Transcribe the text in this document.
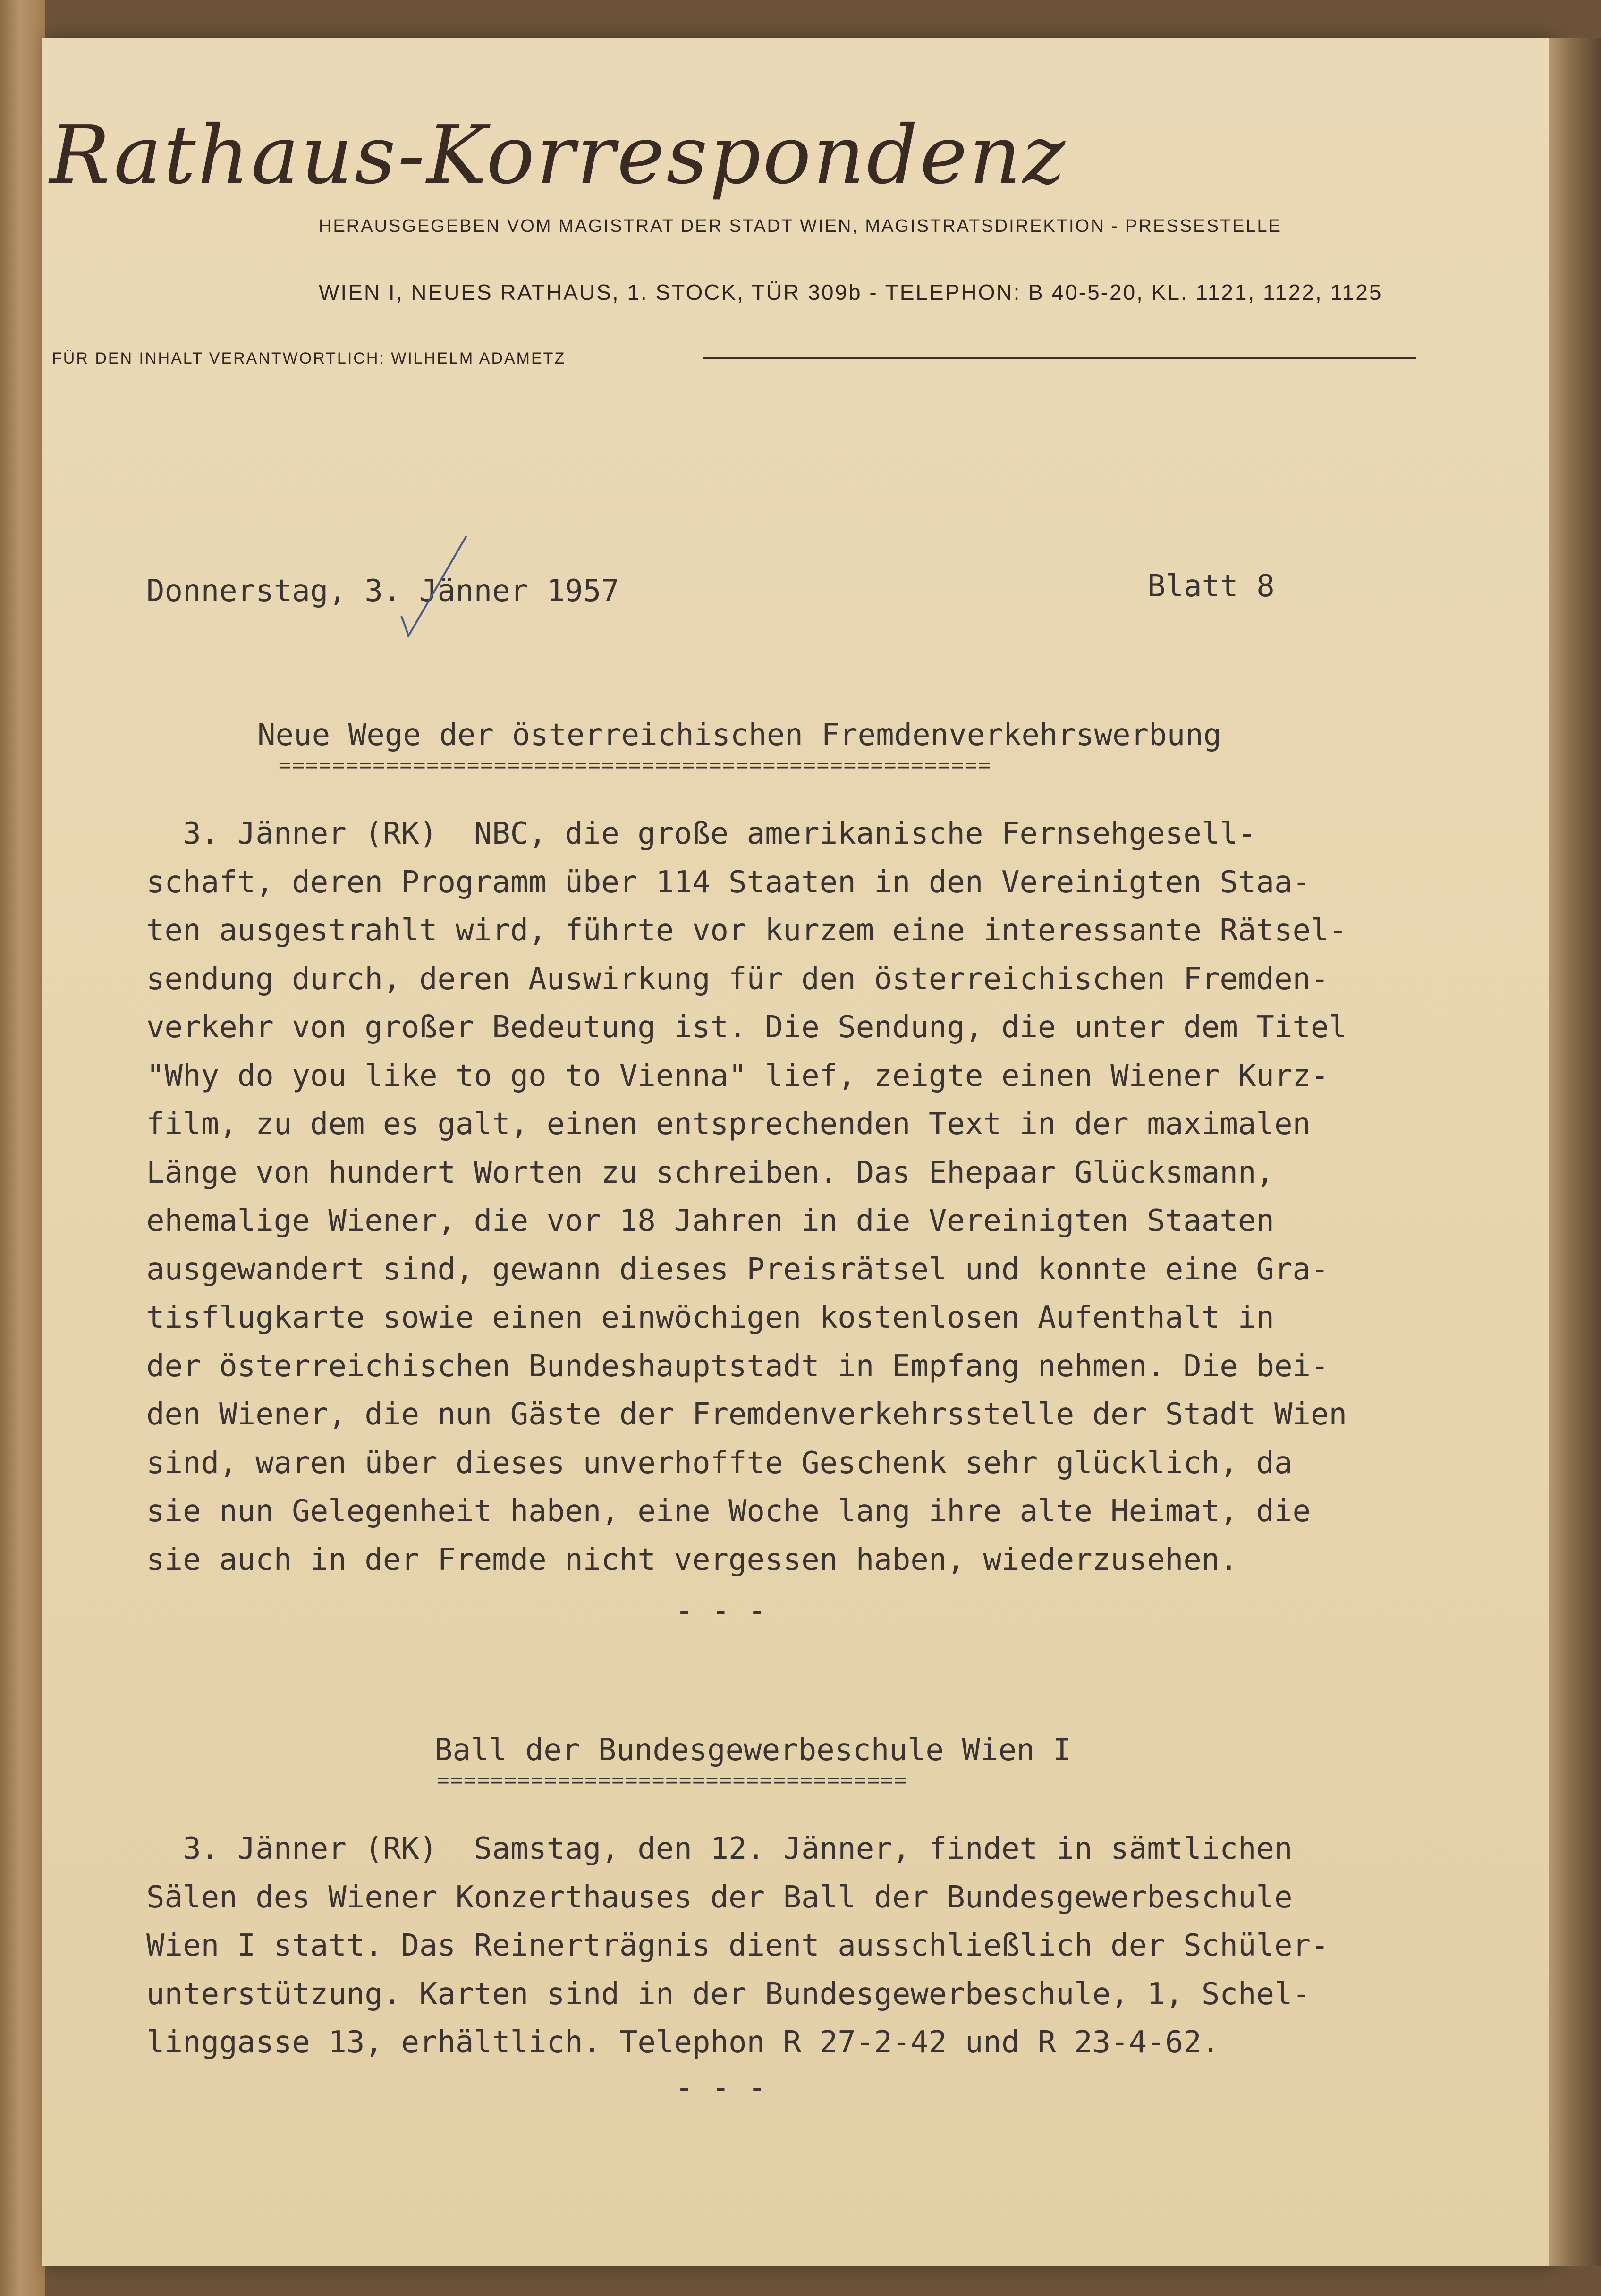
Rathaus-Korrespondenz
HERAUSGEGEBEN VOM MAGISTRAT DER STADT WIEN, MAGISTRATSDIREKTION - PRESSESTELLE
WIEN I, NEUES RATHAUS, 1. STOCK, TÜR 309b - TELEPHON: B 40-5-20, KL. 1121, 1122, 1125
FÜR DEN INHALT VERANTWORTLICH: WILHELM ADAMETZ
Donnerstag, 3. Jänner 1957	Blatt 8
Neue Wege der österreichischen Fremdenverkehrswerbung
=====================================================
3. Jänner (RK)  NBC, die große amerikanische Fernsehgesell-
schaft, deren Programm über 114 Staaten in den Vereinigten Staa-
ten ausgestrahlt wird, führte vor kurzem eine interessante Rätsel-
sendung durch, deren Auswirkung für den österreichischen Fremden-
verkehr von großer Bedeutung ist. Die Sendung, die unter dem Titel
"Why do you like to go to Vienna" lief, zeigte einen Wiener Kurz-
film, zu dem es galt, einen entsprechenden Text in der maximalen
Länge von hundert Worten zu schreiben. Das Ehepaar Glücksmann,
ehemalige Wiener, die vor 18 Jahren in die Vereinigten Staaten
ausgewandert sind, gewann dieses Preisrätsel und konnte eine Gra-
tisflugkarte sowie einen einwöchigen kostenlosen Aufenthalt in
der österreichischen Bundeshauptstadt in Empfang nehmen. Die bei-
den Wiener, die nun Gäste der Fremdenverkehrsstelle der Stadt Wien
sind, waren über dieses unverhoffte Geschenk sehr glücklich, da
sie nun Gelegenheit haben, eine Woche lang ihre alte Heimat, die
sie auch in der Fremde nicht vergessen haben, wiederzusehen.
- - -
Ball der Bundesgewerbeschule Wien I
===================================
3. Jänner (RK)  Samstag, den 12. Jänner, findet in sämtlichen
Sälen des Wiener Konzerthauses der Ball der Bundesgewerbeschule
Wien I statt. Das Reinerträgnis dient ausschließlich der Schüler-
unterstützung. Karten sind in der Bundesgewerbeschule, 1, Schel-
linggasse 13, erhältlich. Telephon R 27-2-42 und R 23-4-62.
- - -
